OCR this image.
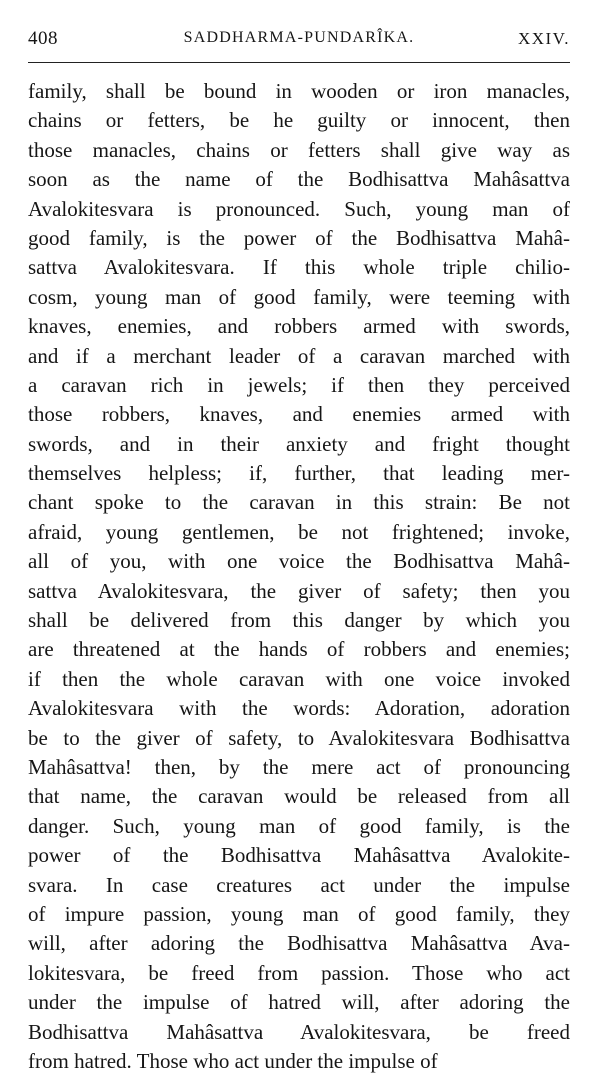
408	SADDHARMA-PUNDARÎKA.	XXIV.
family, shall be bound in wooden or iron manacles,
chains or fetters, be he guilty or innocent, then
those manacles, chains or fetters shall give way as
soon as the name of the Bodhisattva Mahâsattva
Avalokitesvara is pronounced. Such, young man of
good family, is the power of the Bodhisattva Mahâ-
sattva Avalokitesvara. If this whole triple chilio-
cosm, young man of good family, were teeming with
knaves, enemies, and robbers armed with swords,
and if a merchant leader of a caravan marched with
a caravan rich in jewels; if then they perceived
those robbers, knaves, and enemies armed with
swords, and in their anxiety and fright thought
themselves helpless; if, further, that leading mer-
chant spoke to the caravan in this strain: Be not
afraid, young gentlemen, be not frightened; invoke,
all of you, with one voice the Bodhisattva Mahâ-
sattva Avalokitesvara, the giver of safety; then you
shall be delivered from this danger by which you
are threatened at the hands of robbers and enemies;
if then the whole caravan with one voice invoked
Avalokitesvara with the words: Adoration, adoration
be to the giver of safety, to Avalokitesvara Bodhisattva
Mahâsattva! then, by the mere act of pronouncing
that name, the caravan would be released from all
danger. Such, young man of good family, is the
power of the Bodhisattva Mahâsattva Avalokite-
svara. In case creatures act under the impulse
of impure passion, young man of good family, they
will, after adoring the Bodhisattva Mahâsattva Ava-
lokitesvara, be freed from passion. Those who act
under the impulse of hatred will, after adoring the
Bodhisattva Mahâsattva Avalokitesvara, be freed
from hatred. Those who act under the impulse of
